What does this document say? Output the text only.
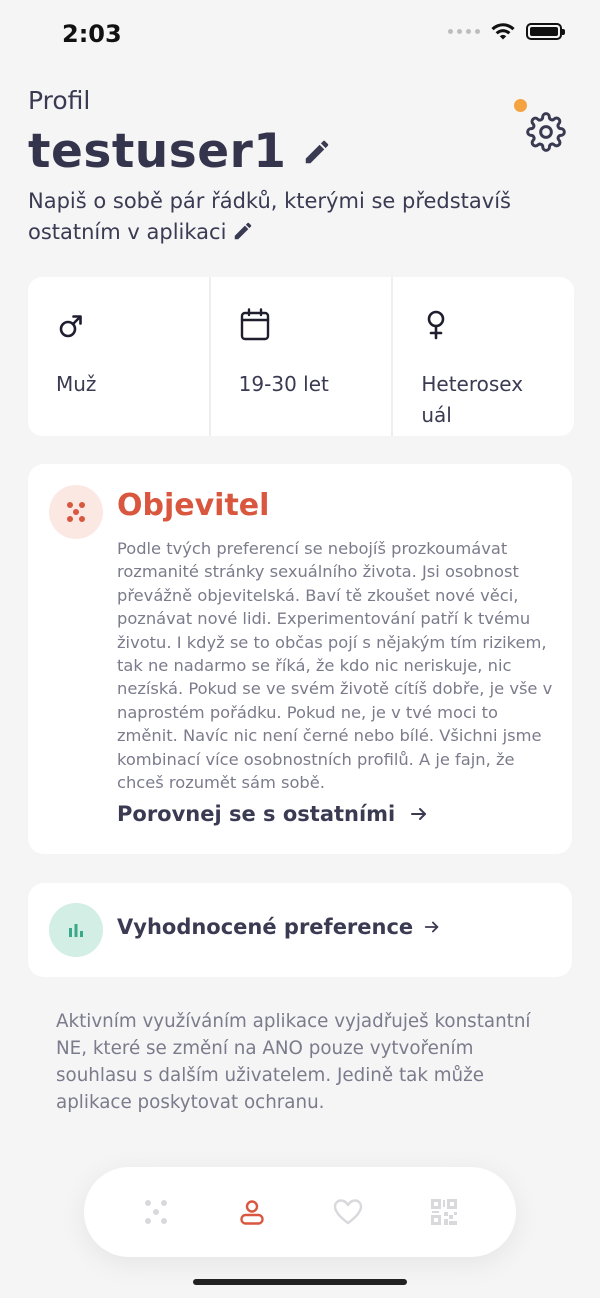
2:03
Profil
testuser1
Napiš o sobě pár řádků, kterými se představíš ostatním v aplikaci
Muž	19-30 let	Heterosex uál
Objevitel
Podle tvých preferencí se nebojíš prozkoumávat rozmanité stránky sexuálního života. Jsi osobnost převážně objevitelská. Baví tě zkoušet nové věci, poznávat nové lidi. Experimentování patří k tvému životu. I když se to občas pojí s nějakým tím rizikem, tak ne nadarmo se říká, že kdo nic neriskuje, nic nezíská. Pokud se ve svém životě cítíš dobře, je vše v naprostém pořádku. Pokud ne, je v tvé moci to změnit. Navíc nic není černé nebo bílé. Všichni jsme kombinací více osobnostních profilů. A je fajn, že chceš rozumět sám sobě.
Porovnej se s ostatními
Vyhodnocené preference
Aktivním využíváním aplikace vyjadřuješ konstantní NE, které se změní na ANO pouze vytvořením souhlasu s dalším uživatelem. Jedině tak může aplikace poskytovat ochranu.
